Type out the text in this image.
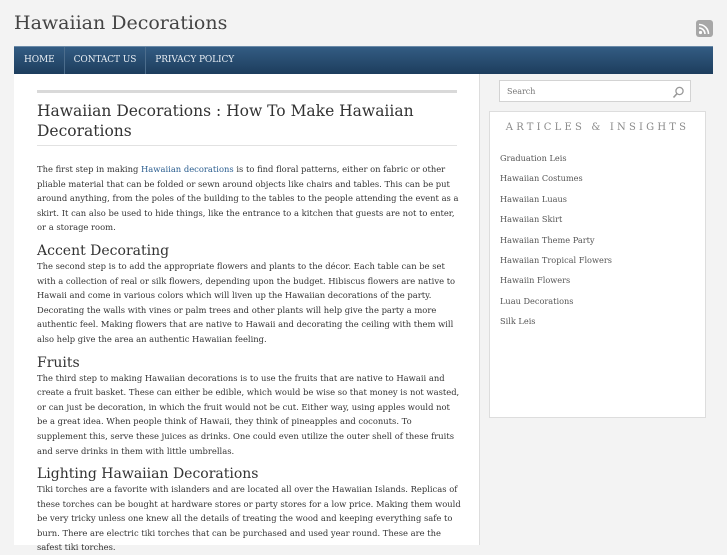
Hawaiian Decorations
HOME	CONTACT US	PRIVACY POLICY
Hawaiian Decorations : How To Make Hawaiian Decorations

The first step in making Hawaiian decorations is to find floral patterns, either on fabric or other pliable material that can be folded or sewn around objects like chairs and tables. This can be put around anything, from the poles of the building to the tables to the people attending the event as a skirt. It can also be used to hide things, like the entrance to a kitchen that guests are not to enter, or a storage room.

Accent Decorating

The second step is to add the appropriate flowers and plants to the décor. Each table can be set with a collection of real or silk flowers, depending upon the budget. Hibiscus flowers are native to Hawaii and come in various colors which will liven up the Hawaiian decorations of the party. Decorating the walls with vines or palm trees and other plants will help give the party a more authentic feel. Making flowers that are native to Hawaii and decorating the ceiling with them will also help give the area an authentic Hawaiian feeling.

Fruits

The third step to making Hawaiian decorations is to use the fruits that are native to Hawaii and create a fruit basket. These can either be edible, which would be wise so that money is not wasted, or can just be decoration, in which the fruit would not be cut. Either way, using apples would not be a great idea. When people think of Hawaii, they think of pineapples and coconuts. To supplement this, serve these juices as drinks. One could even utilize the outer shell of these fruits and serve drinks in them with little umbrellas.

Lighting Hawaiian Decorations

Tiki torches are a favorite with islanders and are located all over the Hawaiian Islands. Replicas of these torches can be bought at hardware stores or party stores for a low price. Making them would be very tricky unless one knew all the details of treating the wood and keeping everything safe to burn. There are electric tiki torches that can be purchased and used year round. These are the safest tiki torches.

Search
ARTICLES & INSIGHTS
Graduation Leis
Hawaiian Costumes
Hawaiian Luaus
Hawaiian Skirt
Hawaiian Theme Party
Hawaiian Tropical Flowers
Hawaiin Flowers
Luau Decorations
Silk Leis
